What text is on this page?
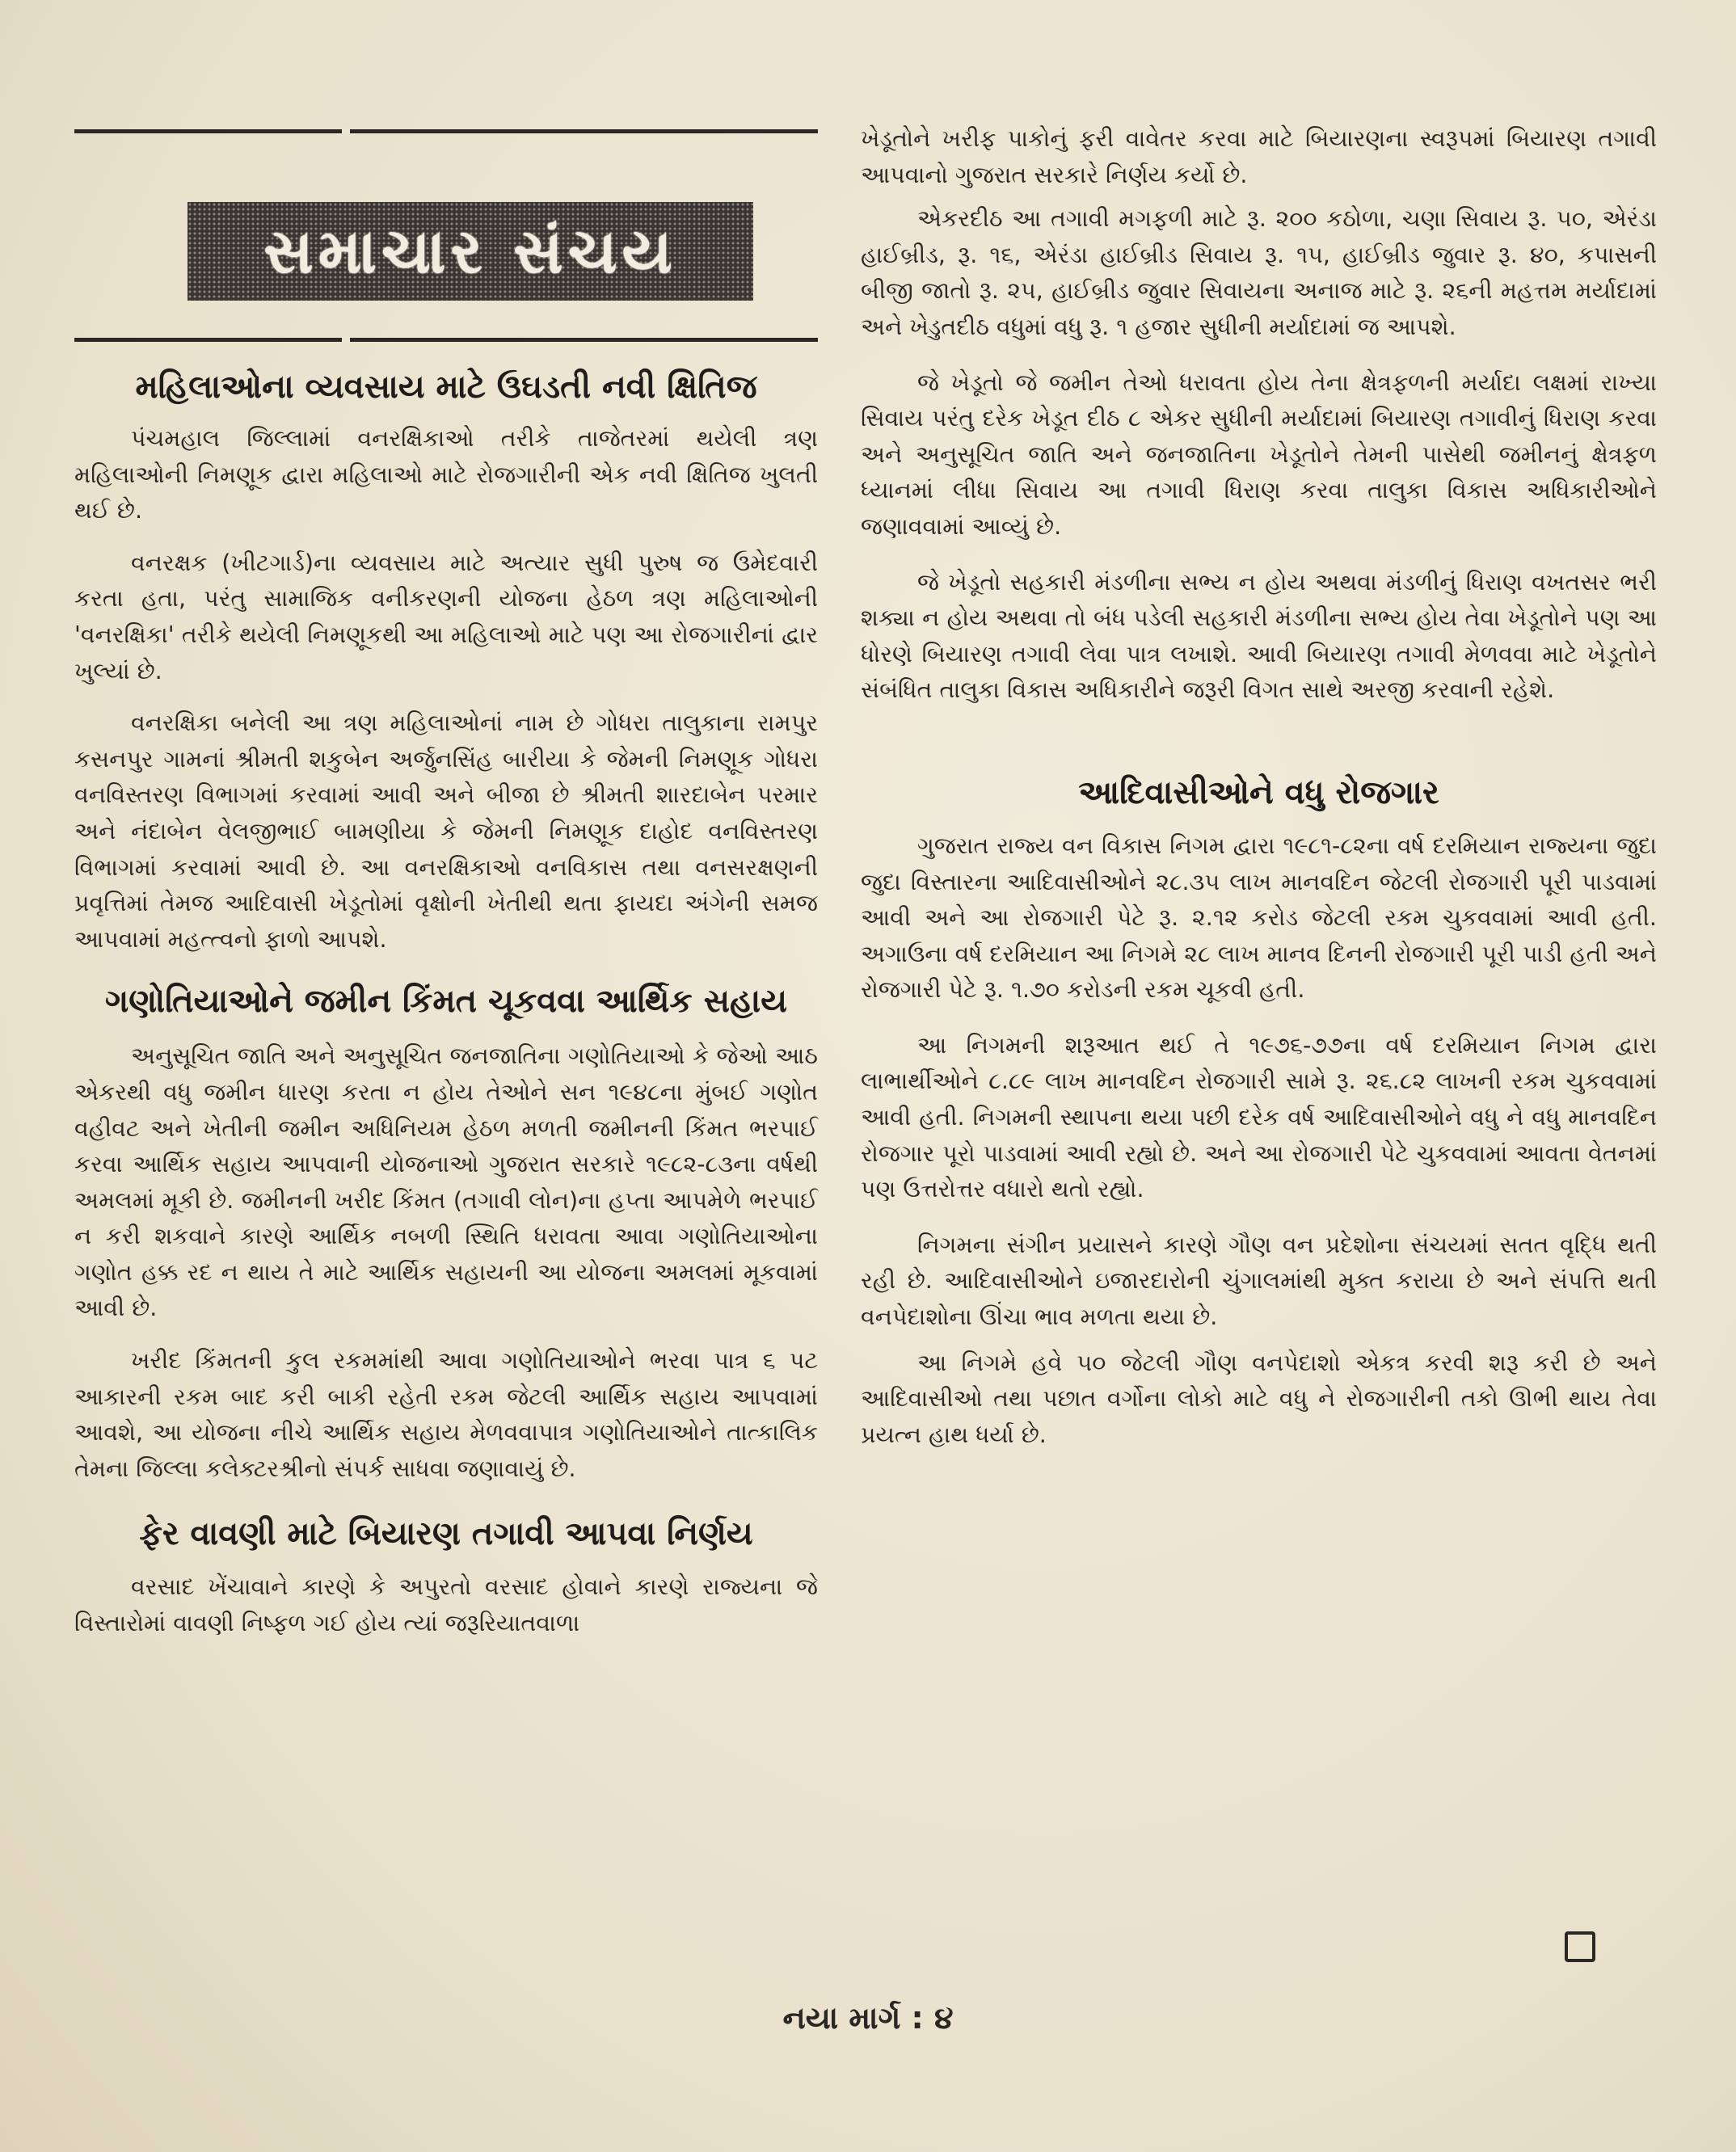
સમાચાર સંચય
મહિલાઓના વ્યવસાય માટે ઉઘડતી નવી ક્ષિતિજ

પંચમહાલ જિલ્લામાં વનરક્ષિકાઓ તરીકે તાજેતરમાં થયેલી ત્રણ મહિલાઓની નિમણૂક દ્વારા મહિલાઓ માટે રોજગારીની એક નવી ક્ષિતિજ ખુલતી થઈ છે.

વનરક્ષક (ખીટગાર્ડ)ના વ્યવસાય માટે અત્યાર સુધી પુરુષ જ ઉમેદવારી કરતા હતા, પરંતુ સામાજિક વનીકરણની યોજના હેઠળ ત્રણ મહિલાઓની 'વનરક્ષિકા' તરીકે થયેલી નિમણૂકથી આ મહિલાઓ માટે પણ આ રોજગારીનાં દ્વાર ખુલ્યાં છે.

વનરક્ષિકા બનેલી આ ત્રણ મહિલાઓનાં નામ છે ગોધરા તાલુકાના રામપુર કસનપુર ગામનાં શ્રીમતી શકુબેન અર્જુનસિંહ બારીયા કે જેમની નિમણૂક ગોધરા વનવિસ્તરણ વિભાગમાં કરવામાં આવી અને બીજા છે શ્રીમતી શારદાબેન પરમાર અને નંદાબેન વેલજીભાઈ બામણીયા કે જેમની નિમણૂક દાહોદ વનવિસ્તરણ વિભાગમાં કરવામાં આવી છે. આ વનરક્ષિકાઓ વનવિકાસ તથા વનસરક્ષણની પ્રવૃત્તિમાં તેમજ આદિવાસી ખેડૂતોમાં વૃક્ષોની ખેતીથી થતા ફાયદા અંગેની સમજ આપવામાં મહત્ત્વનો ફાળો આપશે.

ગણોતિયાઓને જમીન કિંમત ચૂકવવા આર્થિક સહાય

અનુસૂચિત જાતિ અને અનુસૂચિત જનજાતિના ગણોતિયાઓ કે જેઓ આઠ એકરથી વધુ જમીન ધારણ કરતા ન હોય તેઓને સન ૧૯૪૮ના મુંબઈ ગણોત વહીવટ અને ખેતીની જમીન અધિનિયમ હેઠળ મળતી જમીનની કિંમત ભરપાઈ કરવા આર્થિક સહાય આપવાની યોજનાઓ ગુજરાત સરકારે ૧૯૮૨-૮૩ના વર્ષથી અમલમાં મૂકી છે. જમીનની ખરીદ કિંમત (તગાવી લોન)ના હપ્તા આપમેળે ભરપાઈ ન કરી શકવાને કારણે આર્થિક નબળી સ્થિતિ ધરાવતા આવા ગણોતિયાઓના ગણોત હક્ક રદ ન થાય તે માટે આર્થિક સહાયની આ યોજના અમલમાં મૂકવામાં આવી છે.

ખરીદ કિંમતની કુલ રકમમાંથી આવા ગણોતિયાઓને ભરવા પાત્ર ૬ પટ આકારની રકમ બાદ કરી બાકી રહેતી રકમ જેટલી આર્થિક સહાય આપવામાં આવશે, આ યોજના નીચે આર્થિક સહાય મેળવવાપાત્ર ગણોતિયાઓને તાત્કાલિક તેમના જિલ્લા કલેક્ટરશ્રીનો સંપર્ક સાધવા જણાવાયું છે.

ફેર વાવણી માટે બિયારણ તગાવી આપવા નિર્ણય

વરસાદ ખેંચાવાને કારણે કે અપુરતો વરસાદ હોવાને કારણે રાજ્યના જે વિસ્તારોમાં વાવણી નિષ્ફળ ગઈ હોય ત્યાં જરૂરિયાતવાળા

ખેડૂતોને ખરીફ પાકોનું ફરી વાવેતર કરવા માટે બિયારણના સ્વરૂપમાં બિયારણ તગાવી આપવાનો ગુજરાત સરકારે નિર્ણય કર્યો છે.

એકરદીઠ આ તગાવી મગફળી માટે રૂ. ૨૦૦ કઠોળા, ચણા સિવાય રૂ. ૫૦, એરંડા હાઈબ્રીડ, રૂ. ૧૬, એરંડા હાઈબ્રીડ સિવાય રૂ. ૧૫, હાઈબ્રીડ જુવાર રૂ. ૪૦, કપાસની બીજી જાતો રૂ. ૨૫, હાઈબ્રીડ જુવાર સિવાયના અનાજ માટે રૂ. ૨૬ની મહત્તમ મર્યાદામાં અને ખેડુતદીઠ વધુમાં વધુ રૂ. ૧ હજાર સુધીની મર્યાદામાં જ આપશે.

જે ખેડૂતો જે જમીન તેઓ ધરાવતા હોય તેના ક્ષેત્રફળની મર્યાદા લક્ષમાં રાખ્યા સિવાય પરંતુ દરેક ખેડૂત દીઠ ૮ એકર સુધીની મર્યાદામાં બિયારણ તગાવીનું ધિરાણ કરવા અને અનુસૂચિત જાતિ અને જનજાતિના ખેડૂતોને તેમની પાસેથી જમીનનું ક્ષેત્રફળ ધ્યાનમાં લીધા સિવાય આ તગાવી ધિરાણ કરવા તાલુકા વિકાસ અધિકારીઓને જણાવવામાં આવ્યું છે.

જે ખેડૂતો સહકારી મંડળીના સભ્ય ન હોય અથવા મંડળીનું ધિરાણ વખતસર ભરી શક્યા ન હોય અથવા તો બંધ પડેલી સહકારી મંડળીના સભ્ય હોય તેવા ખેડૂતોને પણ આ ધોરણે બિયારણ તગાવી લેવા પાત્ર લખાશે. આવી બિયારણ તગાવી મેળવવા માટે ખેડૂતોને સંબંધિત તાલુકા વિકાસ અધિકારીને જરૂરી વિગત સાથે અરજી કરવાની રહેશે.

આદિવાસીઓને વધુ રોજગાર

ગુજરાત રાજ્ય વન વિકાસ નિગમ દ્વારા ૧૯૮૧-૮૨ના વર્ષ દરમિયાન રાજ્યના જુદા જુદા વિસ્તારના આદિવાસીઓને ૨૮.૩૫ લાખ માનવદિન જેટલી રોજગારી પૂરી પાડવામાં આવી અને આ રોજગારી પેટે રૂ. ૨.૧૨ કરોડ જેટલી રકમ ચુકવવામાં આવી હતી. અગાઉના વર્ષ દરમિયાન આ નિગમે ૨૮ લાખ માનવ દિનની રોજગારી પૂરી પાડી હતી અને રોજગારી પેટે રૂ. ૧.૭૦ કરોડની રકમ ચૂકવી હતી.

આ નિગમની શરૂઆત થઈ તે ૧૯૭૬-૭૭ના વર્ષ દરમિયાન નિગમ દ્વારા લાભાર્થીઓને ૮.૮૯ લાખ માનવદિન રોજગારી સામે રૂ. ૨૬.૮૨ લાખની રકમ ચુકવવામાં આવી હતી. નિગમની સ્થાપના થયા પછી દરેક વર્ષ આદિવાસીઓને વધુ ને વધુ માનવદિન રોજગાર પૂરો પાડવામાં આવી રહ્યો છે. અને આ રોજગારી પેટે ચુકવવામાં આવતા વેતનમાં પણ ઉત્તરોત્તર વધારો થતો રહ્યો.

નિગમના સંગીન પ્રયાસને કારણે ગૌણ વન પ્રદેશોના સંચયમાં સતત વૃદ્ધિ થતી રહી છે. આદિવાસીઓને ઇજારદારોની ચુંગાલમાંથી મુક્ત કરાયા છે અને સંપત્તિ થતી વનપેદાશોના ઊંચા ભાવ મળતા થયા છે.

આ નિગમે હવે ૫૦ જેટલી ગૌણ વનપેદાશો એકત્ર કરવી શરૂ કરી છે અને આદિવાસીઓ તથા પછાત વર્ગોના લોકો માટે વધુ ને રોજગારીની તકો ઊભી થાય તેવા પ્રયત્ન હાથ ધર્યા છે.

નયા માર્ગ : ૪
